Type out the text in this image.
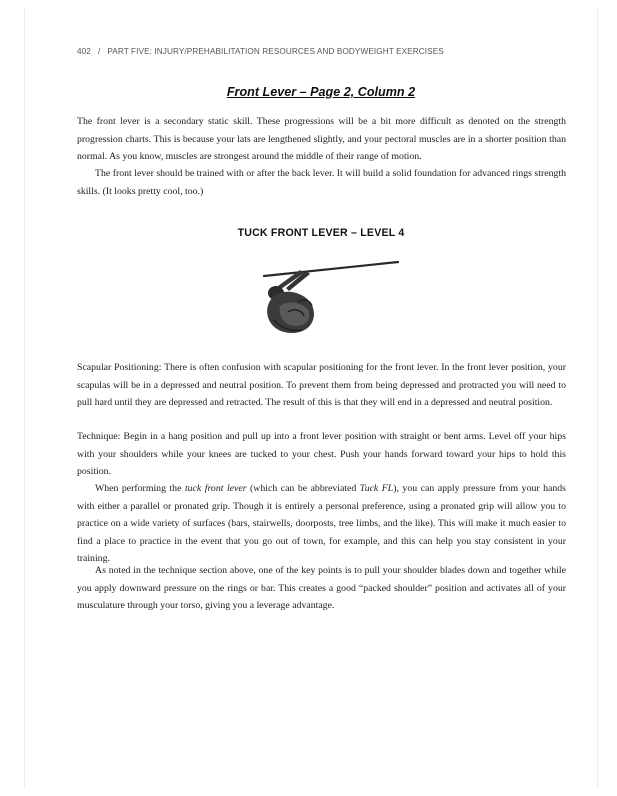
402 / PART FIVE: INJURY/PREHABILITATION RESOURCES AND BODYWEIGHT EXERCISES
Front Lever – Page 2, Column 2

The front lever is a secondary static skill. These progressions will be a bit more difficult as denoted on the strength progression charts. This is because your lats are lengthened slightly, and your pectoral muscles are in a shorter position than normal. As you know, muscles are strongest around the middle of their range of motion.

The front lever should be trained with or after the back lever. It will build a solid foundation for advanced rings strength skills. (It looks pretty cool, too.)

TUCK FRONT LEVER – LEVEL 4

Scapular Positioning: There is often confusion with scapular positioning for the front lever. In the front lever position, your scapulas will be in a depressed and neutral position. To prevent them from being depressed and protracted you will need to pull hard until they are depressed and retracted. The result of this is that they will end in a depressed and neutral position.

Technique: Begin in a hang position and pull up into a front lever position with straight or bent arms. Level off your hips with your shoulders while your knees are tucked to your chest. Push your hands forward toward your hips to hold this position.

When performing the tuck front lever (which can be abbreviated Tuck FL), you can apply pressure from your hands with either a parallel or pronated grip. Though it is entirely a personal preference, using a pronated grip will allow you to practice on a wide variety of surfaces (bars, stairwells, doorposts, tree limbs, and the like). This will make it much easier to find a place to practice in the event that you go out of town, for example, and this can help you stay consistent in your training.

As noted in the technique section above, one of the key points is to pull your shoulder blades down and together while you apply downward pressure on the rings or bar. This creates a good “packed shoulder” position and activates all of your musculature through your torso, giving you a leverage advantage.
